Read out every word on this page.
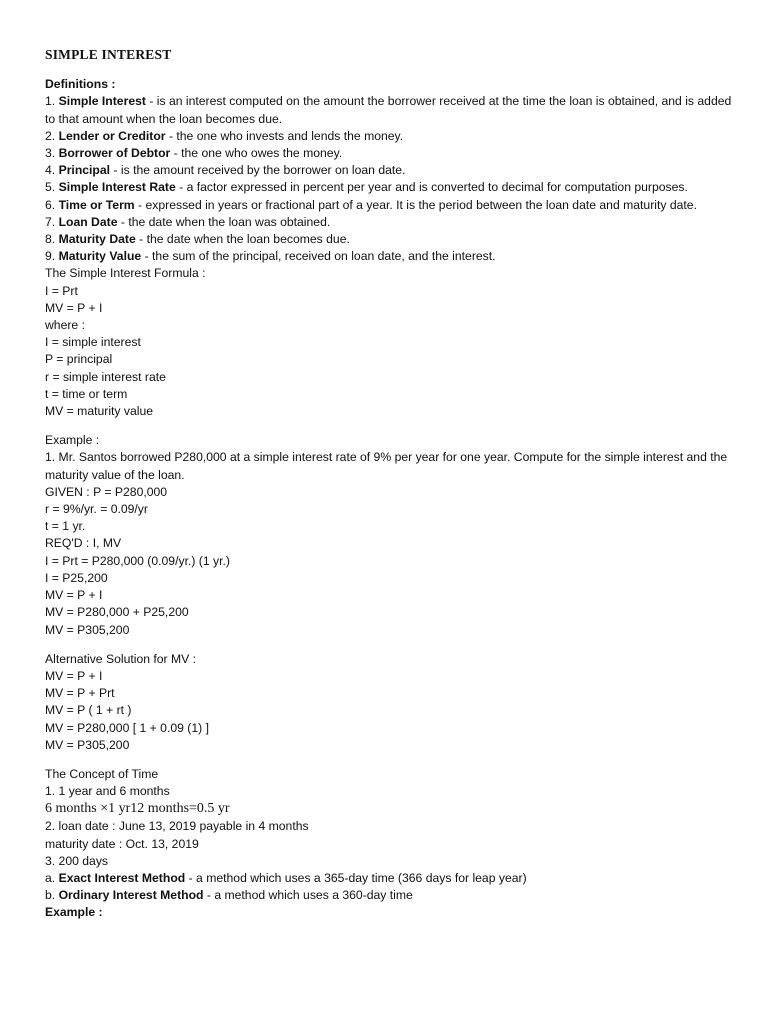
SIMPLE INTEREST

Definitions :

1. Simple Interest - is an interest computed on the amount the borrower received at the time the loan is obtained, and is added to that amount when the loan becomes due.

2. Lender or Creditor - the one who invests and lends the money.

3. Borrower of Debtor - the one who owes the money.

4. Principal - is the amount received by the borrower on loan date.

5. Simple Interest Rate - a factor expressed in percent per year and is converted to decimal for computation purposes.

6. Time or Term - expressed in years or fractional part of a year. It is the period between the loan date and maturity date.

7. Loan Date - the date when the loan was obtained.

8. Maturity Date - the date when the loan becomes due.

9. Maturity Value - the sum of the principal, received on loan date, and the interest.

The Simple Interest Formula :

I = Prt

MV = P + I

where :

I = simple interest

P = principal

r = simple interest rate

t = time or term

MV = maturity value

Example :

1. Mr. Santos borrowed P280,000 at a simple interest rate of 9% per year for one year. Compute for the simple interest and the maturity value of the loan.

GIVEN : P = P280,000

r = 9%/yr. = 0.09/yr

t = 1 yr.

REQ'D : I, MV

I = Prt = P280,000 (0.09/yr.) (1 yr.)

I = P25,200

MV = P + I

MV = P280,000 + P25,200

MV = P305,200

Alternative Solution for MV :

MV = P + I

MV = P + Prt

MV = P ( 1 + rt )

MV = P280,000 [ 1 + 0.09 (1) ]

MV = P305,200

The Concept of Time

1. 1 year and 6 months

6 months ×1 yr12 months=0.5 yr

2. loan date : June 13, 2019 payable in 4 months

maturity date : Oct. 13, 2019

3. 200 days

a. Exact Interest Method - a method which uses a 365-day time (366 days for leap year)

b. Ordinary Interest Method - a method which uses a 360-day time

Example :
